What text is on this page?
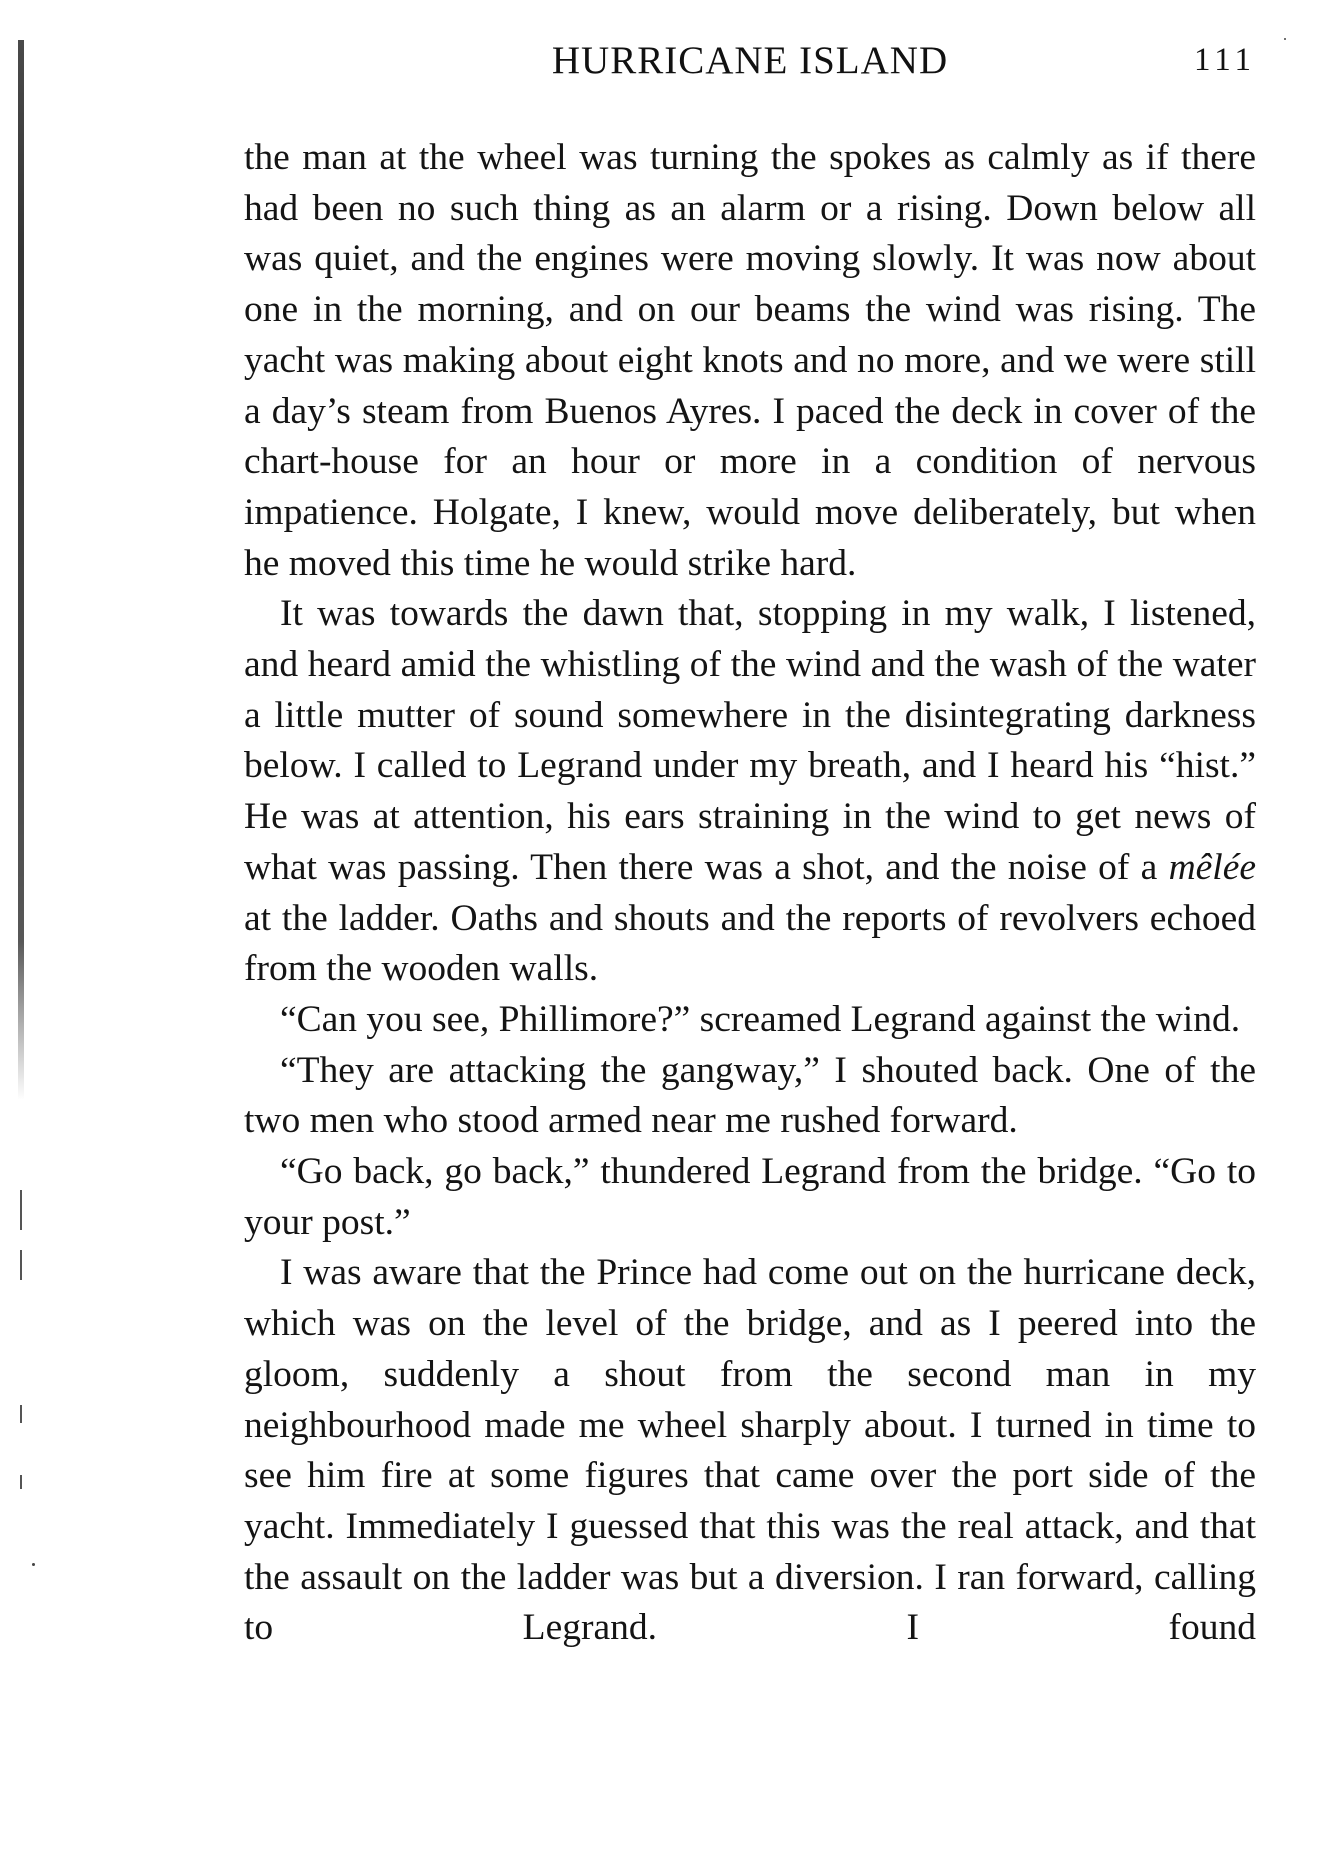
HURRICANE ISLAND	111

the man at the wheel was turning the spokes as calmly as if there had been no such thing as an alarm or a rising. Down below all was quiet, and the engines were moving slowly. It was now about one in the morning, and on our beams the wind was rising. The yacht was making about eight knots and no more, and we were still a day’s steam from Buenos Ayres. I paced the deck in cover of the chart-house for an hour or more in a condition of nervous impatience. Holgate, I knew, would move deliberately, but when he moved this time he would strike hard.

It was towards the dawn that, stopping in my walk, I listened, and heard amid the whistling of the wind and the wash of the water a little mutter of sound somewhere in the disintegrating darkness below. I called to Legrand under my breath, and I heard his “hist.” He was at attention, his ears straining in the wind to get news of what was passing. Then there was a shot, and the noise of a mêlée at the ladder. Oaths and shouts and the reports of revolvers echoed from the wooden walls.

“Can you see, Phillimore?” screamed Legrand against the wind.

“They are attacking the gangway,” I shouted back. One of the two men who stood armed near me rushed forward.

“Go back, go back,” thundered Legrand from the bridge. “Go to your post.”

I was aware that the Prince had come out on the hurricane deck, which was on the level of the bridge, and as I peered into the gloom, suddenly a shout from the second man in my neighbourhood made me wheel sharply about. I turned in time to see him fire at some figures that came over the port side of the yacht. Immediately I guessed that this was the real attack, and that the assault on the ladder was but a diversion. I ran forward, calling to Legrand. I found
